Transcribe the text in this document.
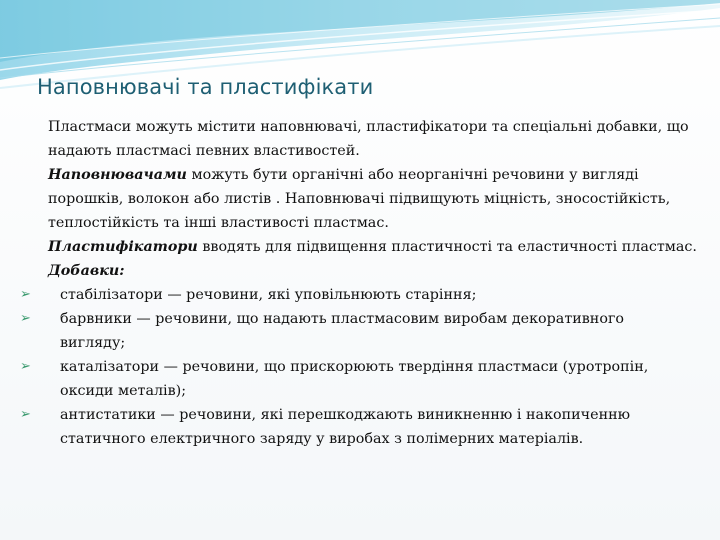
Наповнювачі та пластифікати

Пластмаси можуть містити наповнювачі, пластифікатори та спеціальні добавки, що надають пластмасі певних властивостей.

Наповнювачами можуть бути органічні або неорганічні речовини у вигляді порошків, волокон або листів . Наповнювачі підвищують міцність, зносостійкість, теплостійкість та інші властивості пластмас.

Пластифікатори вводять для підвищення пластичності та еластичності пластмас.

Добавки:

➢ стабілізатори — речовини, які уповільнюють старіння;
➢ барвники — речовини, що надають пластмасовим виробам декоративного вигляду;
➢ каталізатори — речовини, що прискорюють твердіння пластмаси (уротропін, оксиди металів);
➢ антистатики — речовини, які перешкоджають виникненню і накопиченню статичного електричного заряду у виробах з полімерних матеріалів.
